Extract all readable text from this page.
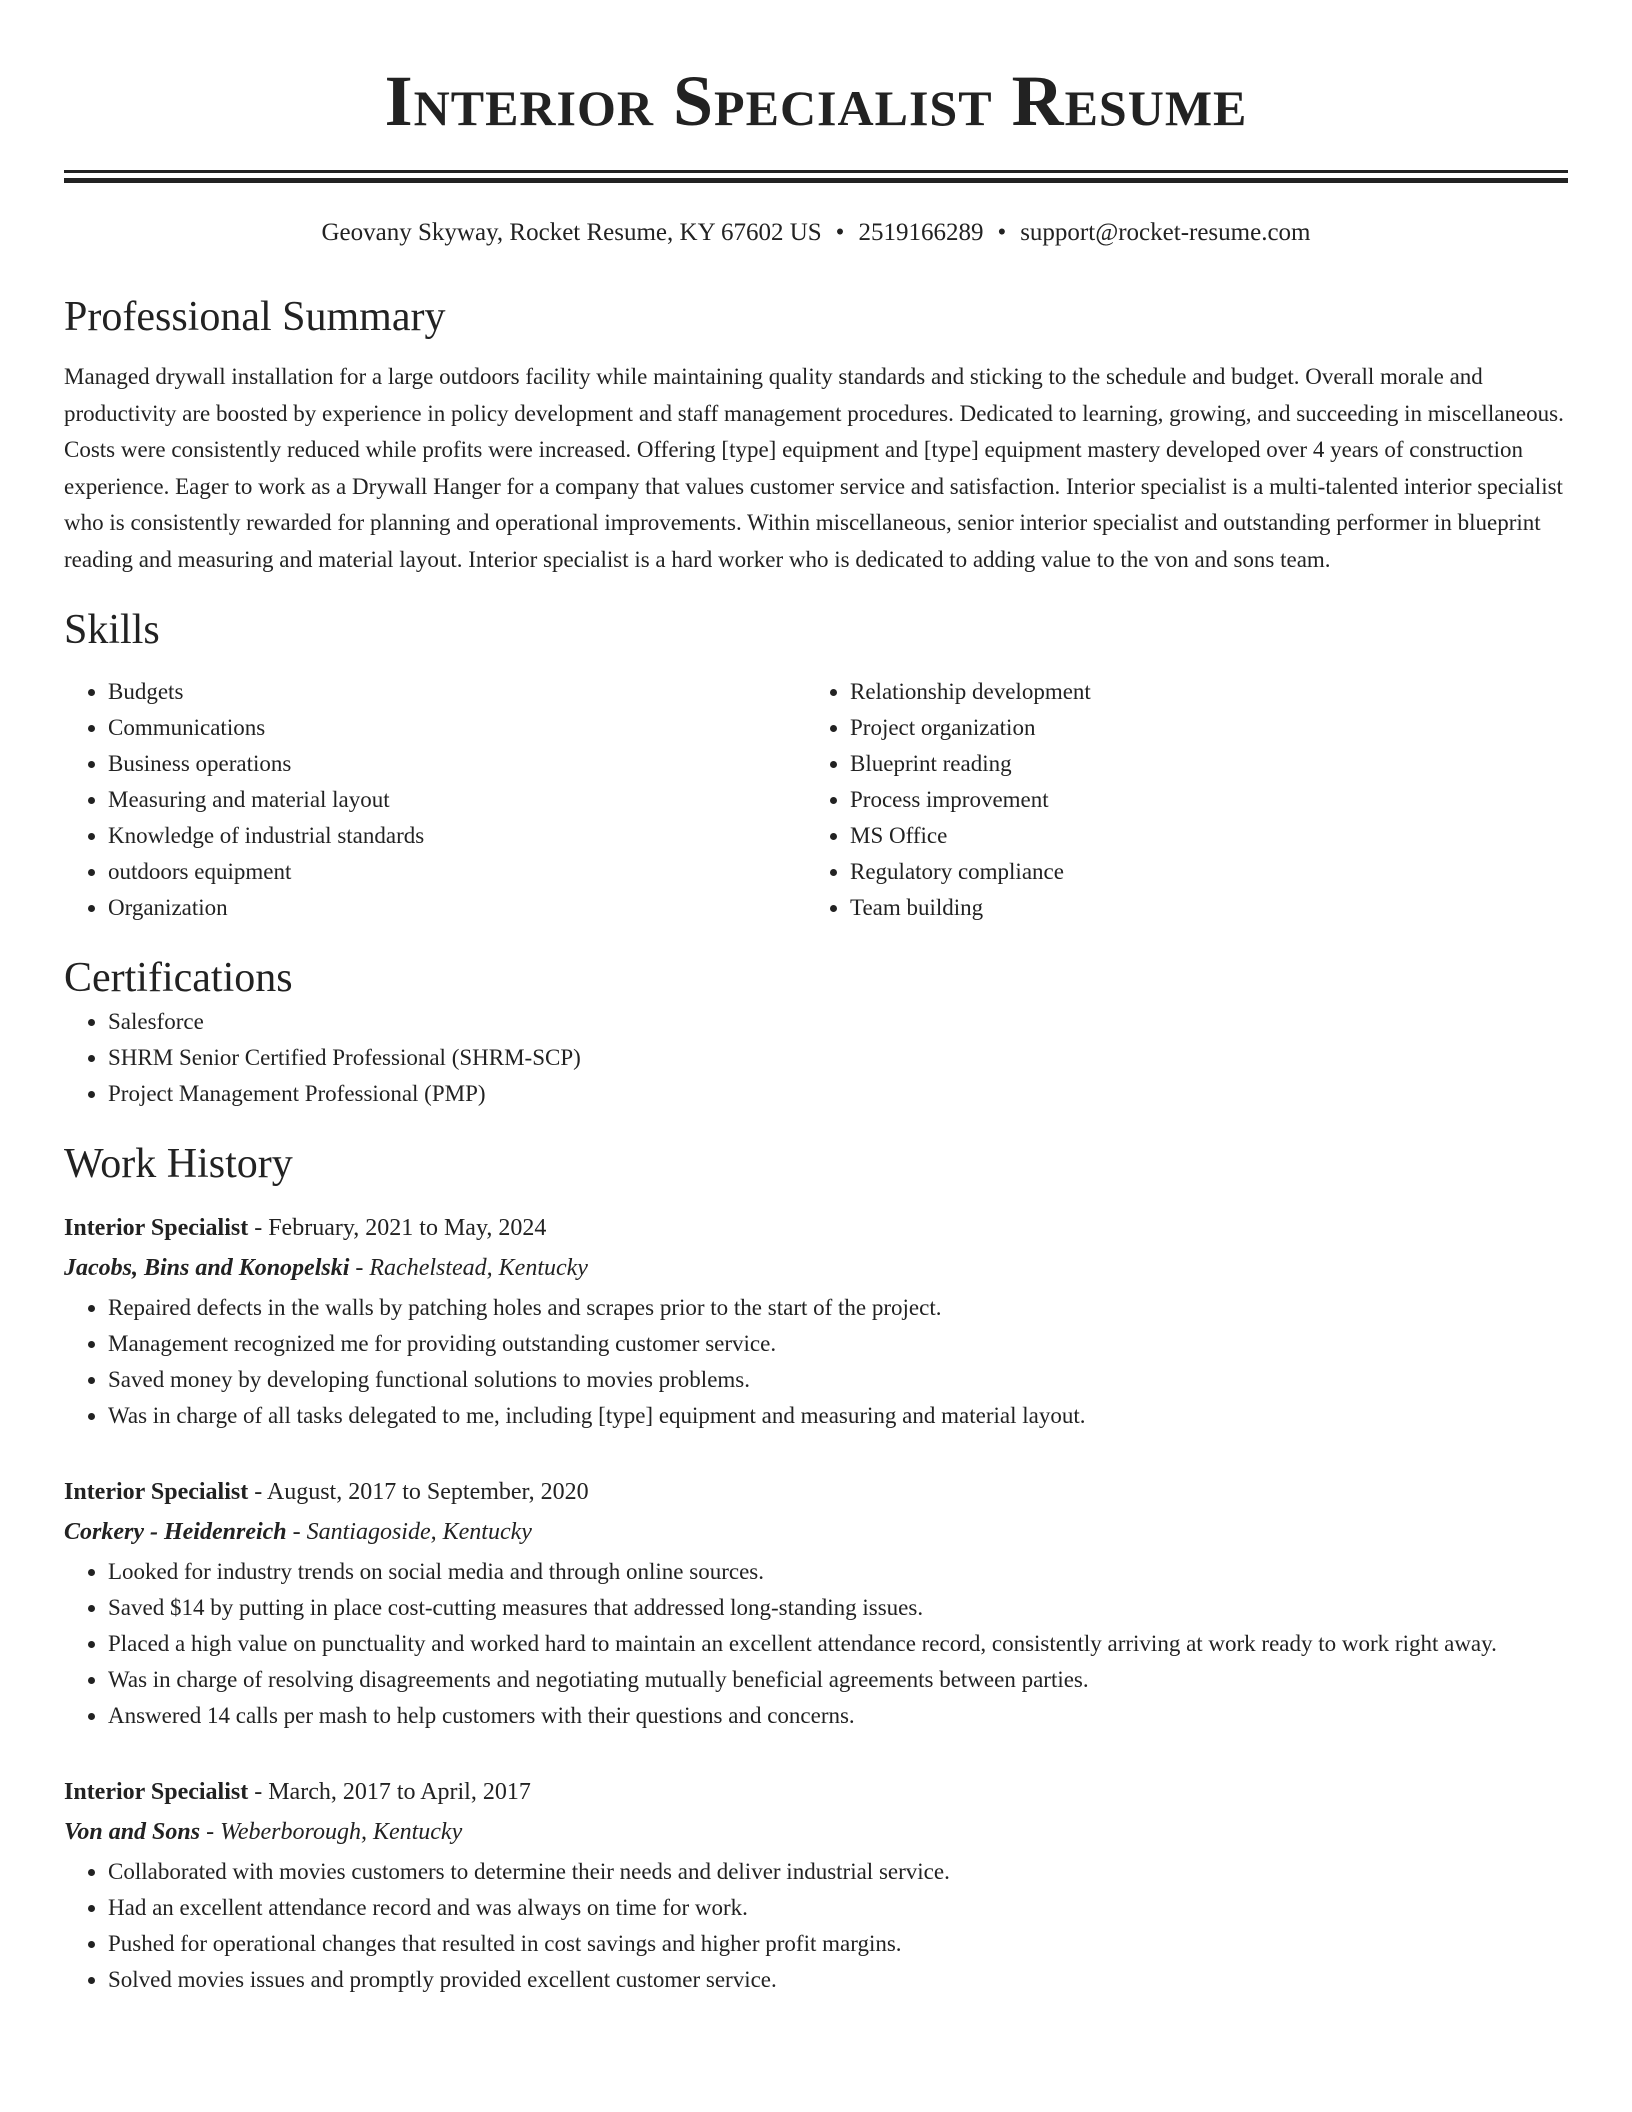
Interior Specialist Resume
Geovany Skyway, Rocket Resume, KY 67602 US • 2519166289 • support@rocket-resume.com
Professional Summary

Managed drywall installation for a large outdoors facility while maintaining quality standards and sticking to the schedule and budget. Overall morale and productivity are boosted by experience in policy development and staff management procedures. Dedicated to learning, growing, and succeeding in miscellaneous. Costs were consistently reduced while profits were increased. Offering [type] equipment and [type] equipment mastery developed over 4 years of construction experience. Eager to work as a Drywall Hanger for a company that values customer service and satisfaction. Interior specialist is a multi-talented interior specialist who is consistently rewarded for planning and operational improvements. Within miscellaneous, senior interior specialist and outstanding performer in blueprint reading and measuring and material layout. Interior specialist is a hard worker who is dedicated to adding value to the von and sons team.

Skills
• Budgets
• Communications
• Business operations
• Measuring and material layout
• Knowledge of industrial standards
• outdoors equipment
• Organization
• Relationship development
• Project organization
• Blueprint reading
• Process improvement
• MS Office
• Regulatory compliance
• Team building
Certifications
• Salesforce
• SHRM Senior Certified Professional (SHRM-SCP)
• Project Management Professional (PMP)
Work History
Interior Specialist - February, 2021 to May, 2024
Jacobs, Bins and Konopelski - Rachelstead, Kentucky
• Repaired defects in the walls by patching holes and scrapes prior to the start of the project.
• Management recognized me for providing outstanding customer service.
• Saved money by developing functional solutions to movies problems.
• Was in charge of all tasks delegated to me, including [type] equipment and measuring and material layout.
Interior Specialist - August, 2017 to September, 2020
Corkery - Heidenreich - Santiagoside, Kentucky
• Looked for industry trends on social media and through online sources.
• Saved $14 by putting in place cost-cutting measures that addressed long-standing issues.
• Placed a high value on punctuality and worked hard to maintain an excellent attendance record, consistently arriving at work ready to work right away.
• Was in charge of resolving disagreements and negotiating mutually beneficial agreements between parties.
• Answered 14 calls per mash to help customers with their questions and concerns.
Interior Specialist - March, 2017 to April, 2017
Von and Sons - Weberborough, Kentucky
• Collaborated with movies customers to determine their needs and deliver industrial service.
• Had an excellent attendance record and was always on time for work.
• Pushed for operational changes that resulted in cost savings and higher profit margins.
• Solved movies issues and promptly provided excellent customer service.
